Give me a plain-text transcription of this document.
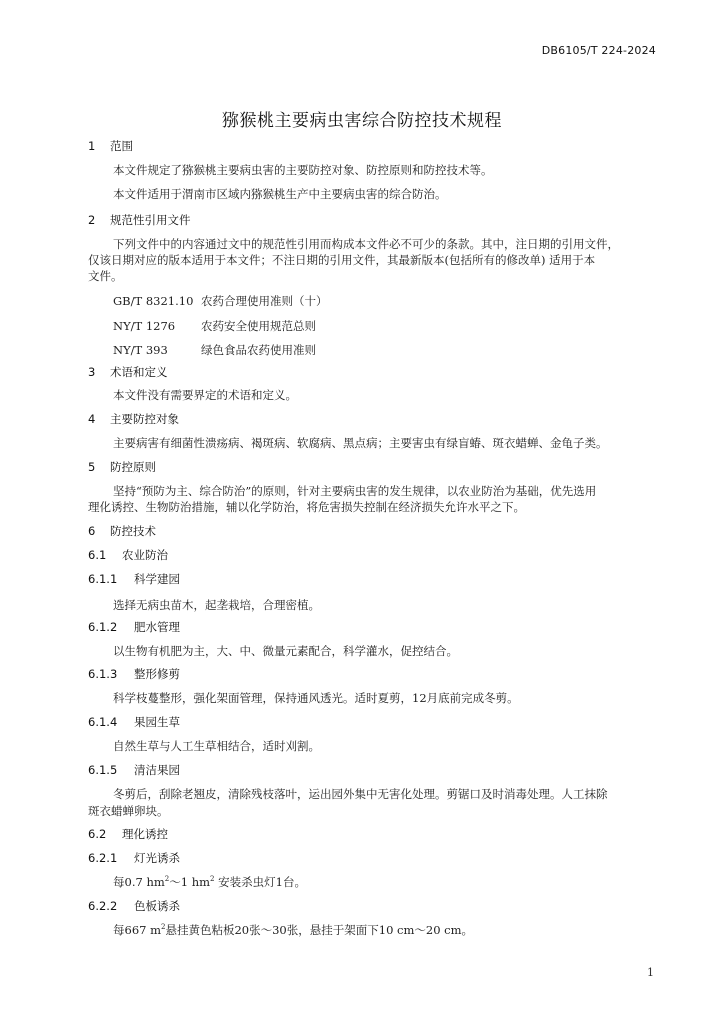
DB6105/T 224-2024
猕猴桃主要病虫害综合防控技术规程
1 范围
本文件规定了猕猴桃主要病虫害的主要防控对象、防控原则和防控技术等。
本文件适用于渭南市区域内猕猴桃生产中主要病虫害的综合防治。
2 规范性引用文件
下列文件中的内容通过文中的规范性引用而构成本文件必不可少的条款。其中，注日期的引用文件，
仅该日期对应的版本适用于本文件；不注日期的引用文件，其最新版本(包括所有的修改单) 适用于本
文件。
GB/T 8321.10 农药合理使用准则（十）
NY/T 1276 农药安全使用规范总则
NY/T 393	绿色食品农药使用准则
3 术语和定义
本文件没有需要界定的术语和定义。
4 主要防控对象
主要病害有细菌性溃疡病、褐斑病、软腐病、黑点病；主要害虫有绿盲蝽、斑衣蜡蝉、金龟子类。
5 防控原则
坚持“预防为主、综合防治”的原则，针对主要病虫害的发生规律，以农业防治为基础，优先选用
理化诱控、生物防治措施，辅以化学防治，将危害损失控制在经济损失允许水平之下。
6 防控技术
6.1 农业防治
6.1.1 科学建园
选择无病虫苗木，起垄栽培，合理密植。
6.1.2 肥水管理
以生物有机肥为主，大、中、微量元素配合，科学灌水，促控结合。
6.1.3 整形修剪
科学枝蔓整形，强化架面管理，保持通风透光。适时夏剪，12月底前完成冬剪。
6.1.4 果园生草
自然生草与人工生草相结合，适时刈割。
6.1.5 清洁果园
冬剪后，刮除老翘皮，清除残枝落叶，运出园外集中无害化处理。剪锯口及时消毒处理。人工抹除
斑衣蜡蝉卵块。
6.2 理化诱控
6.2.1 灯光诱杀
每0.7 $hm^2\sim 1$ $hm^2$ 安装杀虫灯1台。
6.2.2 色板诱杀
每667 $m^2$悬挂黄色粘板20张～30张，悬挂于架面下10 cm～20 cm。
1
